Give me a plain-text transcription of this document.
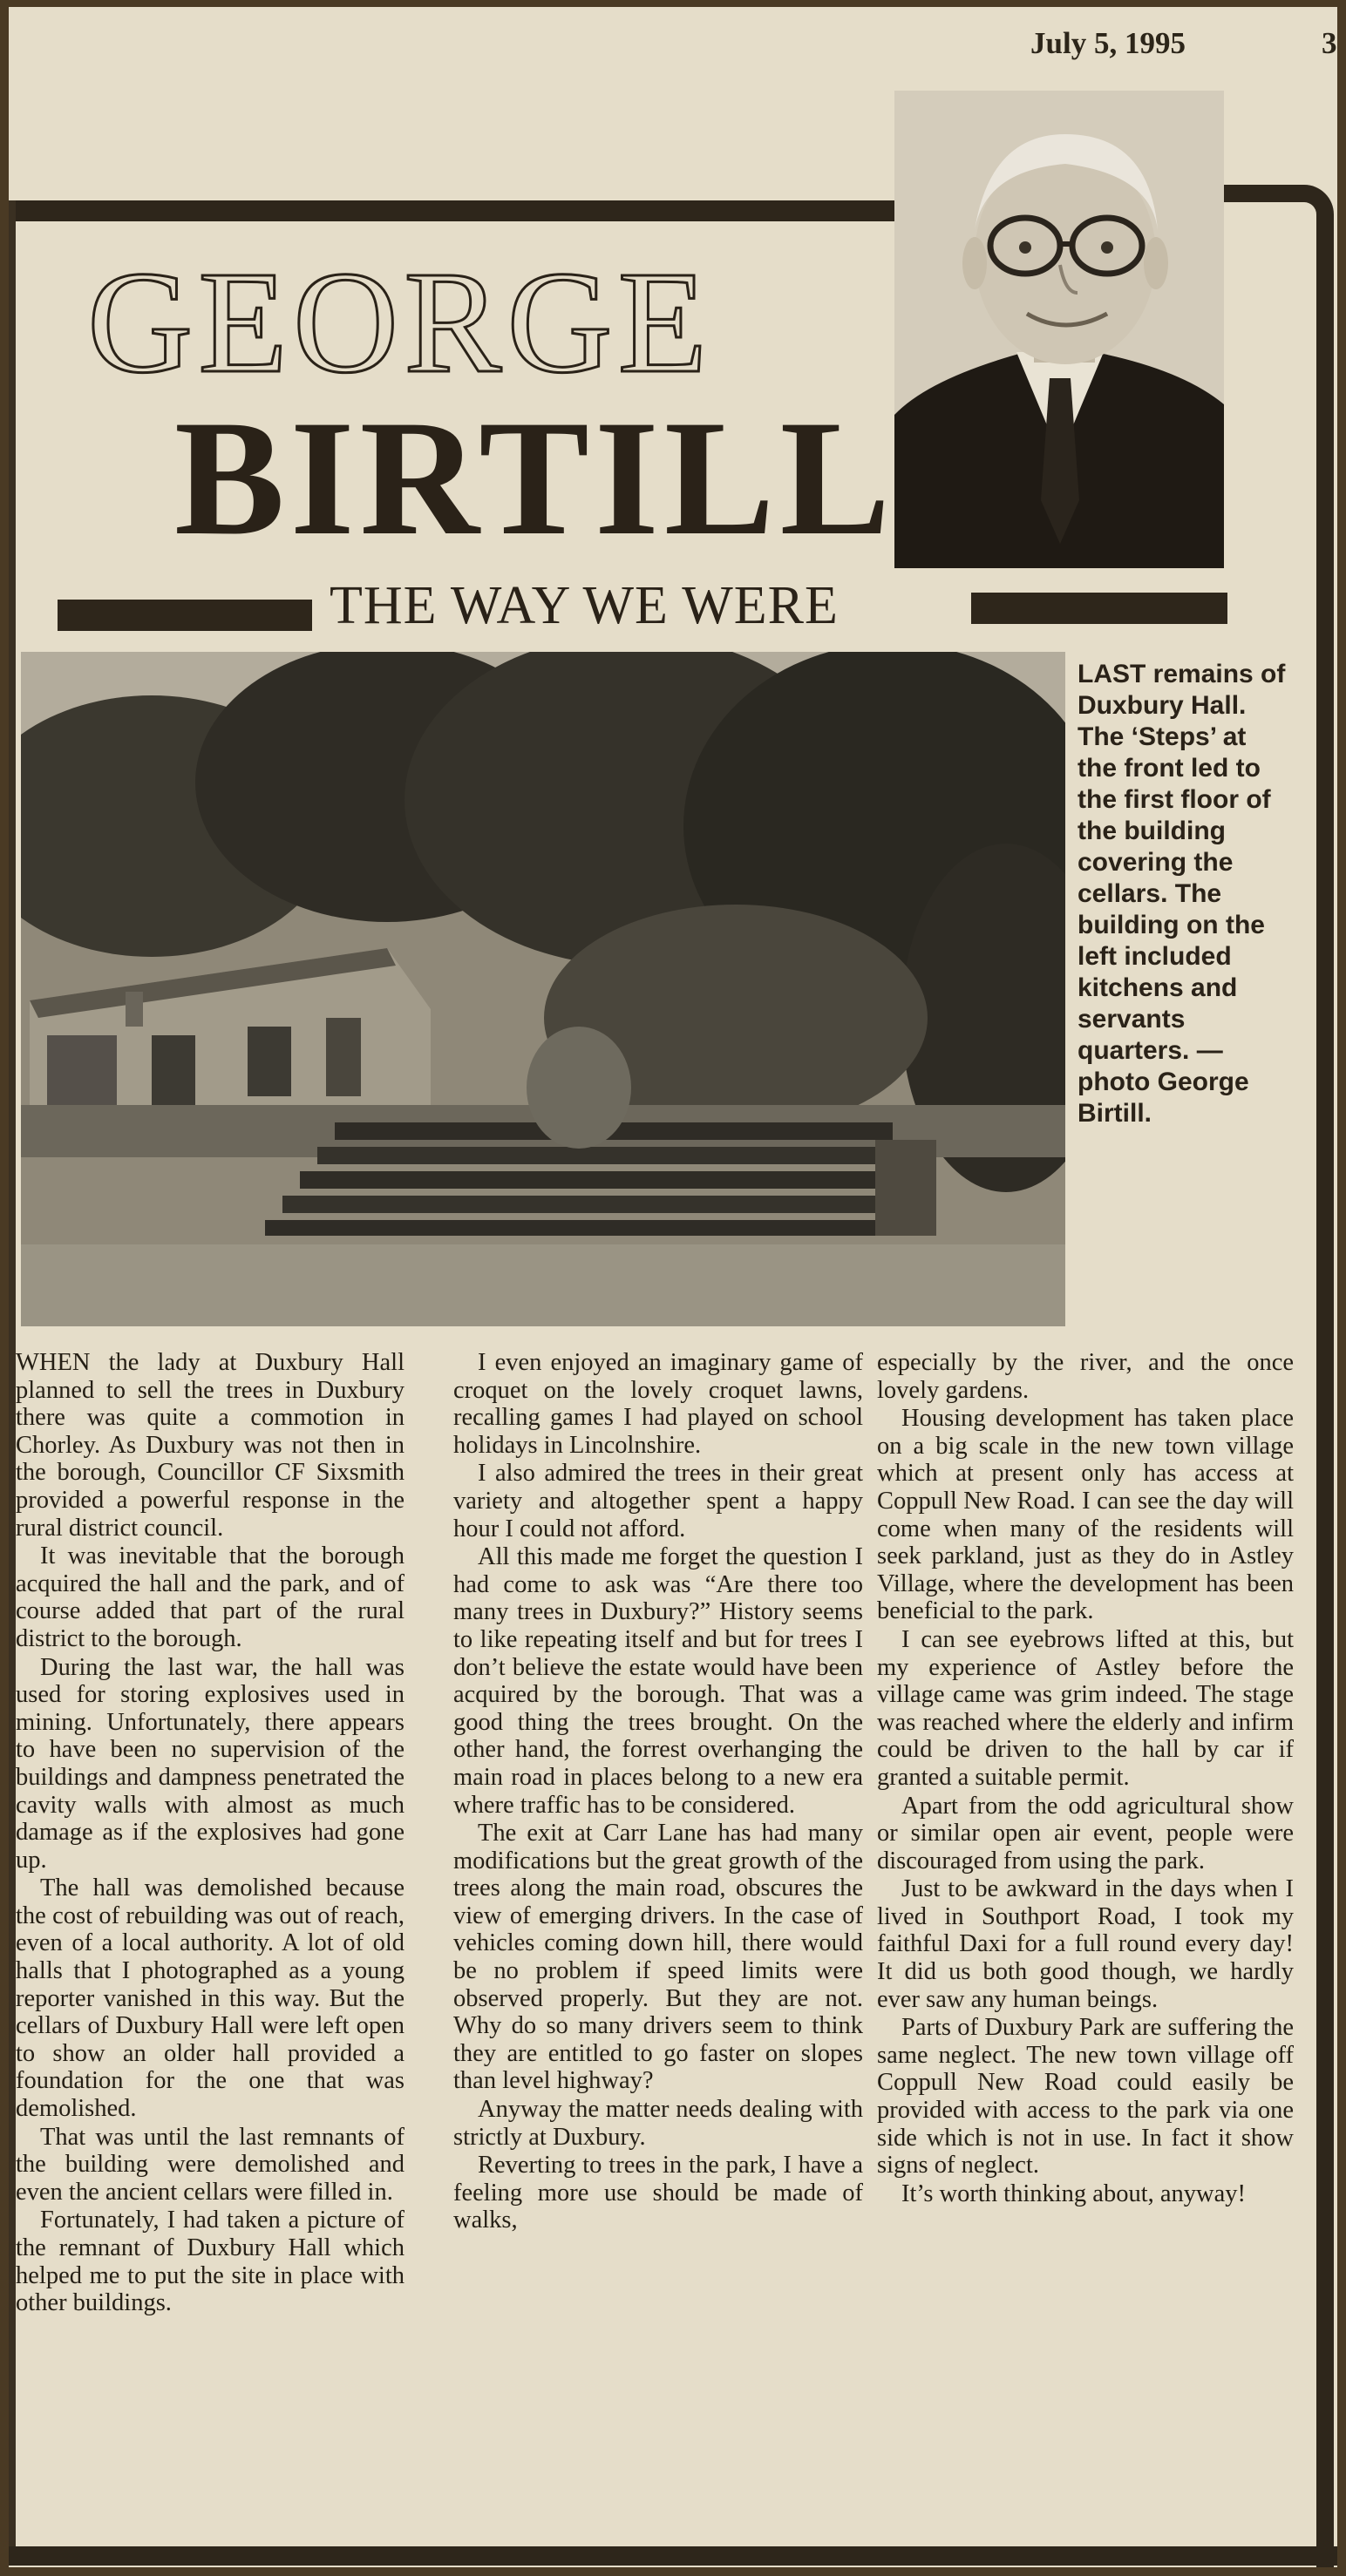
July 5, 1995	3
GEORGE
BIRTILL
THE WAY WE WERE
LAST remains of Duxbury Hall. The ‘Steps’ at the front led to the first floor of the building covering the cellars. The building on the left included kitchens and servants quarters. — photo George Birtill.

WHEN the lady at Duxbury Hall planned to sell the trees in Duxbury there was quite a commotion in Chorley. As Duxbury was not then in the borough, Councillor CF Sixsmith provided a powerful response in the rural district council.

It was inevitable that the borough acquired the hall and the park, and of course added that part of the rural district to the borough.

During the last war, the hall was used for storing explosives used in mining. Unfortunately, there appears to have been no supervision of the buildings and dampness penetrated the cavity walls with almost as much damage as if the explosives had gone up.

The hall was demolished because the cost of rebuilding was out of reach, even of a local authority. A lot of old halls that I photographed as a young reporter vanished in this way. But the cellars of Duxbury Hall were left open to show an older hall provided a foundation for the one that was demolished.

That was until the last remnants of the building were demolished and even the ancient cellars were filled in.

Fortunately, I had taken a picture of the remnant of Duxbury Hall which helped me to put the site in place with other buildings.

I even enjoyed an imaginary game of croquet on the lovely croquet lawns, recalling games I had played on school holidays in Lincolnshire.

I also admired the trees in their great variety and altogether spent a happy hour I could not afford.

All this made me forget the question I had come to ask was “Are there too many trees in Duxbury?” History seems to like repeating itself and but for trees I don’t believe the estate would have been acquired by the borough. That was a good thing the trees brought. On the other hand, the forrest overhanging the main road in places belong to a new era where traffic has to be considered.

The exit at Carr Lane has had many modifications but the great growth of the trees along the main road, obscures the view of emerging drivers. In the case of vehicles coming down hill, there would be no problem if speed limits were observed properly. But they are not. Why do so many drivers seem to think they are entitled to go faster on slopes than level highway?

Anyway the matter needs dealing with strictly at Duxbury.

Reverting to trees in the park, I have a feeling more use should be made of walks,

especially by the river, and the once lovely gardens.

Housing development has taken place on a big scale in the new town village which at present only has access at Coppull New Road. I can see the day will come when many of the residents will seek parkland, just as they do in Astley Village, where the development has been beneficial to the park.

I can see eyebrows lifted at this, but my experience of Astley before the village came was grim indeed. The stage was reached where the elderly and infirm could be driven to the hall by car if granted a suitable permit.

Apart from the odd agricultural show or similar open air event, people were discouraged from using the park.

Just to be awkward in the days when I lived in Southport Road, I took my faithful Daxi for a full round every day! It did us both good though, we hardly ever saw any human beings.

Parts of Duxbury Park are suffering the same neglect. The new town village off Coppull New Road could easily be provided with access to the park via one side which is not in use. In fact it show signs of neglect.

It’s worth thinking about, anyway!
